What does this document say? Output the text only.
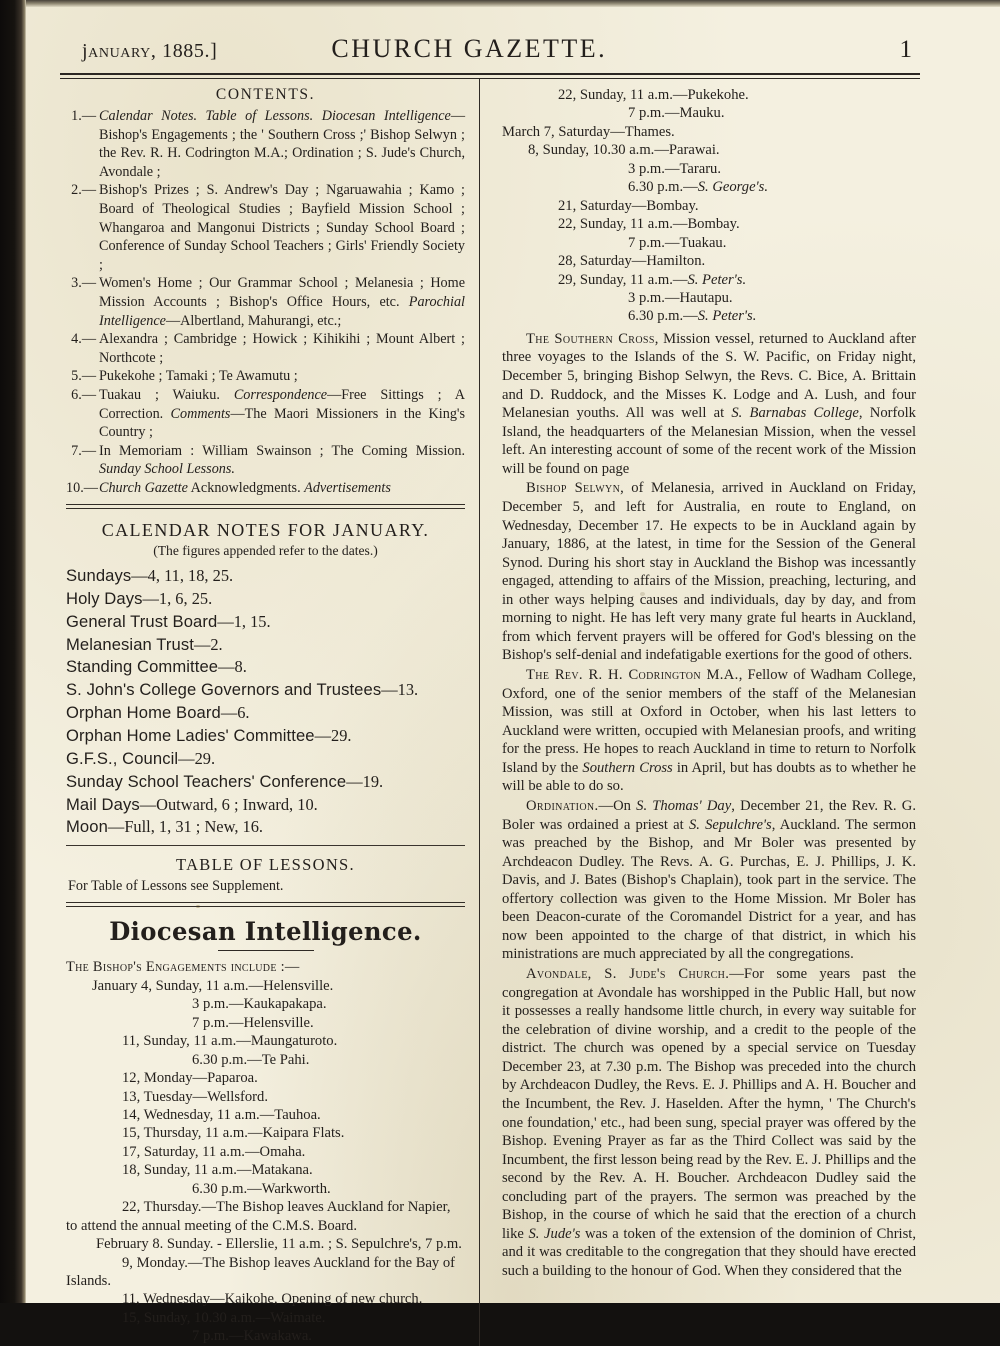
january, 1885.]	CHURCH GAZETTE.	1
CONTENTS.
1.— Calendar Notes. Table of Lessons. Diocesan Intelligence—Bishop's Engagements ; the ' Southern Cross ;' Bishop Selwyn ; the Rev. R. H. Codrington M.A.; Ordination ; S. Jude's Church, Avondale ;
2.— Bishop's Prizes ; S. Andrew's Day ; Ngaruawahia ; Kamo ; Board of Theological Studies ; Bayfield Mission School ; Whangaroa and Mangonui Districts ; Sunday School Board ; Conference of Sunday School Teachers ; Girls' Friendly Society ;
3.— Women's Home ; Our Grammar School ; Melanesia ; Home Mission Accounts ; Bishop's Office Hours, etc. Parochial Intelligence—Albertland, Mahurangi, etc.;
4.— Alexandra ; Cambridge ; Howick ; Kihikihi ; Mount Albert ; Northcote ;
5.— Pukekohe ; Tamaki ; Te Awamutu ;
6.— Tuakau ; Waiuku. Correspondence—Free Sittings ; A Correction. Comments—The Maori Missioners in the King's Country ;
7.— In Memoriam : William Swainson ; The Coming Mission. Sunday School Lessons.
10.— Church Gazette Acknowledgments. Advertisements
CALENDAR NOTES FOR JANUARY.
(The figures appended refer to the dates.)
Sundays—4, 11, 18, 25.
Holy Days—1, 6, 25.
General Trust Board—1, 15.
Melanesian Trust—2.
Standing Committee—8.
S. John's College Governors and Trustees—13.
Orphan Home Board—6.
Orphan Home Ladies' Committee—29.
G.F.S., Council—29.
Sunday School Teachers' Conference—19.
Mail Days—Outward, 6 ; Inward, 10.
Moon—Full, 1, 31 ; New, 16.
TABLE OF LESSONS.
For Table of Lessons see Supplement.
Diocesan Intelligence.
The Bishop's Engagements include :—
January 4, Sunday, 11 a.m.—Helensville.
3 p.m.—Kaukapakapa.
7 p.m.—Helensville.
11, Sunday, 11 a.m.—Maungaturoto.
6.30 p.m.—Te Pahi.
12, Monday—Paparoa.
13, Tuesday—Wellsford.
14, Wednesday, 11 a.m.—Tauhoa.
15, Thursday, 11 a.m.—Kaipara Flats.
17, Saturday, 11 a.m.—Omaha.
18, Sunday, 11 a.m.—Matakana.
6.30 p.m.—Warkworth.
22, Thursday.—The Bishop leaves Auckland for Napier, to attend the annual meeting of the C.M.S. Board.
February 8. Sunday. - Ellerslie, 11 a.m. ; S. Sepulchre's, 7 p.m.
9, Monday.—The Bishop leaves Auckland for the Bay of Islands.
11, Wednesday—Kaikohe, Opening of new church.
15, Sunday, 10.30 a.m.—Waimate.
7 p.m.—Kawakawa.
22, Sunday, 11 a.m.—Pukekohe.
7 p.m.—Mauku.
March 7, Saturday—Thames.
8, Sunday, 10.30 a.m.—Parawai.
3 p.m.—Tararu.
6.30 p.m.—S. George's.
21, Saturday—Bombay.
22, Sunday, 11 a.m.—Bombay.
7 p.m.—Tuakau.
28, Saturday—Hamilton.
29, Sunday, 11 a.m.—S. Peter's.
3 p.m.—Hautapu.
6.30 p.m.—S. Peter's.

The Southern Cross, Mission vessel, returned to Auckland after three voyages to the Islands of the S. W. Pacific, on Friday night, December 5, bringing Bishop Selwyn, the Revs. C. Bice, A. Brittain and D. Ruddock, and the Misses K. Lodge and A. Lush, and four Melanesian youths. All was well at S. Barnabas College, Norfolk Island, the headquarters of the Melanesian Mission, when the vessel left. An interesting account of some of the recent work of the Mission will be found on page

Bishop Selwyn, of Melanesia, arrived in Auckland on Friday, December 5, and left for Australia, en route to England, on Wednesday, December 17. He expects to be in Auckland again by January, 1886, at the latest, in time for the Session of the General Synod. During his short stay in Auckland the Bishop was incessantly engaged, attending to affairs of the Mission, preaching, lecturing, and in other ways helping causes and individuals, day by day, and from morning to night. He has left very many grate ful hearts in Auckland, from which fervent prayers will be offered for God's blessing on the Bishop's self-denial and indefatigable exertions for the good of others.

The Rev. R. H. Codrington M.A., Fellow of Wadham College, Oxford, one of the senior members of the staff of the Melanesian Mission, was still at Oxford in October, when his last letters to Auckland were written, occupied with Melanesian proofs, and writing for the press. He hopes to reach Auckland in time to return to Norfolk Island by the Southern Cross in April, but has doubts as to whether he will be able to do so.

Ordination.—On S. Thomas' Day, December 21, the Rev. R. G. Boler was ordained a priest at S. Sepulchre's, Auckland. The sermon was preached by the Bishop, and Mr Boler was presented by Archdeacon Dudley. The Revs. A. G. Purchas, E. J. Phillips, J. K. Davis, and J. Bates (Bishop's Chaplain), took part in the service. The offertory collection was given to the Home Mission. Mr Boler has been Deacon-curate of the Coromandel District for a year, and has now been appointed to the charge of that district, in which his ministrations are much appreciated by all the congregations.

Avondale, S. Jude's Church.—For some years past the congregation at Avondale has worshipped in the Public Hall, but now it possesses a really handsome little church, in every way suitable for the celebration of divine worship, and a credit to the people of the district. The church was opened by a special service on Tuesday December 23, at 7.30 p.m. The Bishop was preceded into the church by Archdeacon Dudley, the Revs. E. J. Phillips and A. H. Boucher and the Incumbent, the Rev. J. Haselden. After the hymn, ' The Church's one foundation,' etc., had been sung, special prayer was offered by the Bishop. Evening Prayer as far as the Third Collect was said by the Incumbent, the first lesson being read by the Rev. E. J. Phillips and the second by the Rev. A. H. Boucher. Archdeacon Dudley said the concluding part of the prayers. The sermon was preached by the Bishop, in the course of which he said that the erection of a church like S. Jude's was a token of the extension of the dominion of Christ, and it was creditable to the congregation that they should have erected such a building to the honour of God. When they considered that the
